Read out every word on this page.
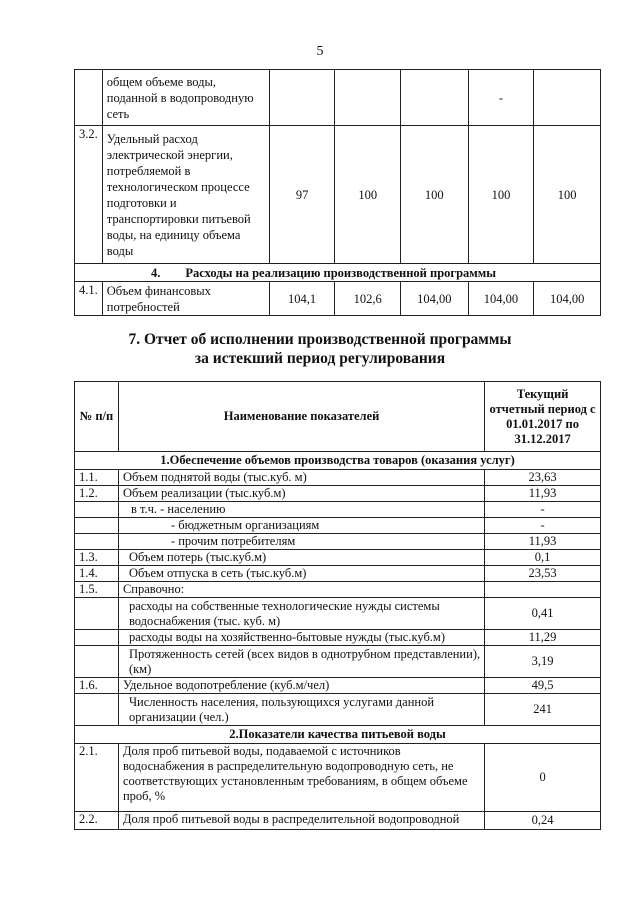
5
	общем объеме воды, поданной в водопроводную сеть				-	
3.2.	Удельный расход электрической энергии, потребляемой в технологическом процессе подготовки и транспортировки питьевой воды, на единицу объема воды	97	100	100	100	100
4.        Расходы на реализацию производственной программы						
4.1.	Объем финансовых потребностей	104,1	102,6	104,00	104,00	104,00
7. Отчет об исполнении производственной программы
за истекший период регулирования
№ п/п	Наименование показателей	Текущий отчетный период с 01.01.2017 по 31.12.2017
1.Обеспечение объемов производства товаров (оказания услуг)		
1.1.	Объем поднятой воды (тыс.куб. м)	23,63
1.2.	Объем реализации (тыс.куб.м)	11,93
	в т.ч. - населению	-
	- бюджетным организациям	-
	- прочим потребителям	11,93
1.3.	Объем потерь (тыс.куб.м)	0,1
1.4.	Объем отпуска в сеть (тыс.куб.м)	23,53
1.5.	Справочно:	
	расходы на собственные технологические нужды системы водоснабжения (тыс. куб. м)	0,41
	расходы воды на хозяйственно-бытовые нужды (тыс.куб.м)	11,29
	Протяженность сетей (всех видов в однотрубном представлении), (км)	3,19
1.6.	Удельное водопотребление (куб.м/чел)	49,5
	Численность населения, пользующихся услугами данной организации (чел.)	241
2.Показатели качества питьевой воды		
2.1.	Доля проб питьевой воды, подаваемой с источников водоснабжения в распределительную водопроводную сеть, не соответствующих установленным требованиям, в общем объеме проб, %	0
2.2.	Доля проб питьевой воды в распределительной водопроводной	0,24
